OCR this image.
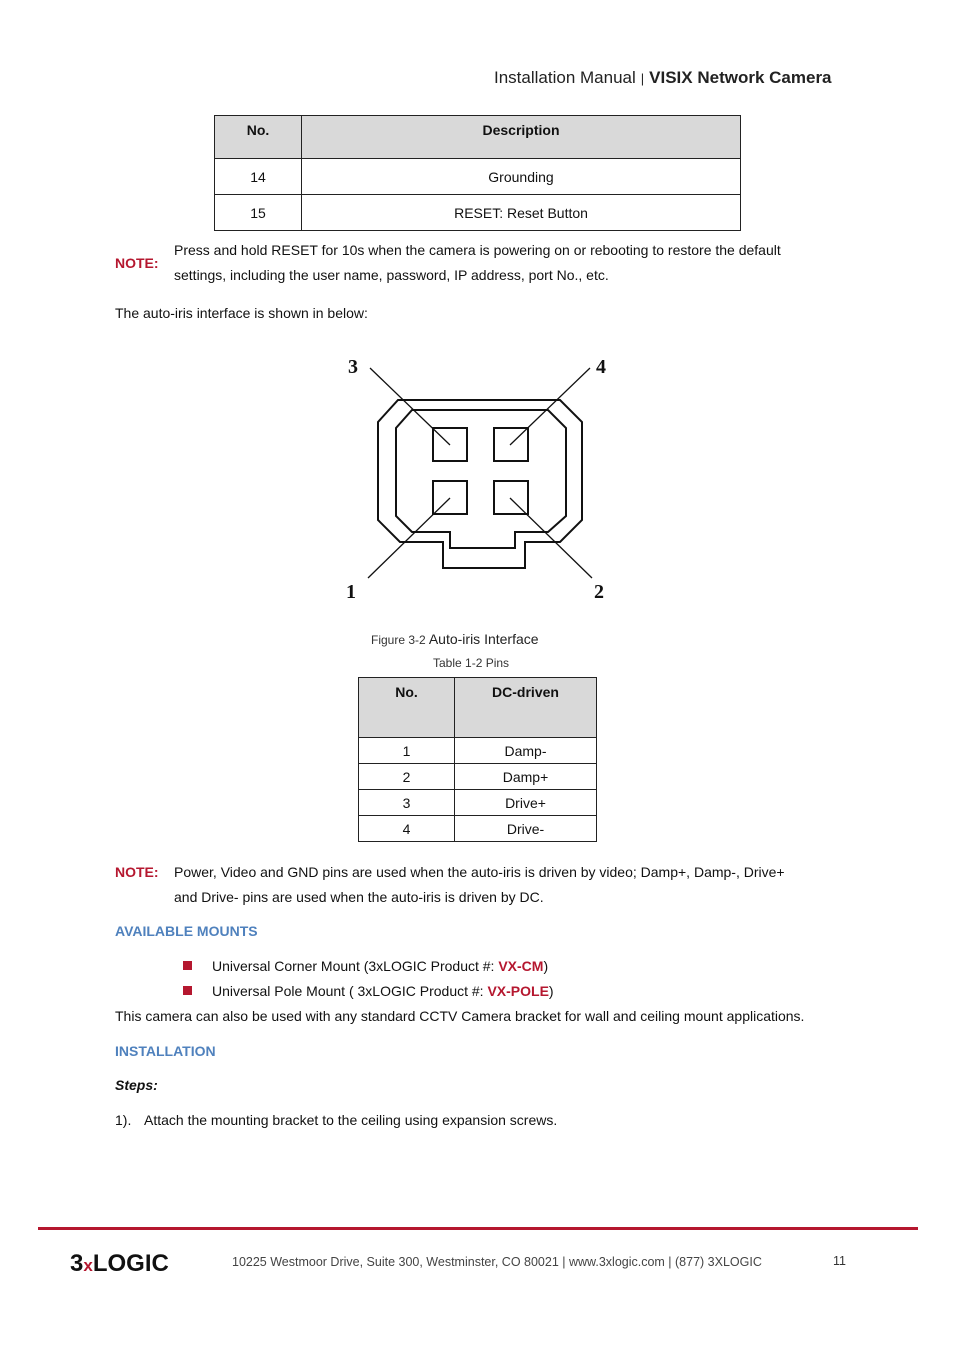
Installation Manual | VISIX Network Camera
No.	Description
14	Grounding
15	RESET: Reset Button
NOTE:
Press and hold RESET for 10s when the camera is powering on or rebooting to restore the default
settings, including the user name, password, IP address, port No., etc.
The auto-iris interface is shown in below:
3	4
1	2
Figure 3-2 Auto-iris Interface
Table 1-2 Pins
No.	DC-driven
1	Damp-
2	Damp+
3	Drive+
4	Drive-
NOTE: Power, Video and GND pins are used when the auto-iris is driven by video; Damp+, Damp-, Drive+
and Drive- pins are used when the auto-iris is driven by DC.
AVAILABLE MOUNTS
Universal Corner Mount (3xLOGIC Product #: VX-CM)
Universal Pole Mount ( 3xLOGIC Product #: VX-POLE)
This camera can also be used with any standard CCTV Camera bracket for wall and ceiling mount applications.
INSTALLATION
Steps:
1). Attach the mounting bracket to the ceiling using expansion screws.
3xLOGIC	10225 Westmoor Drive, Suite 300, Westminster, CO 80021 | www.3xlogic.com | (877) 3XLOGIC	11
